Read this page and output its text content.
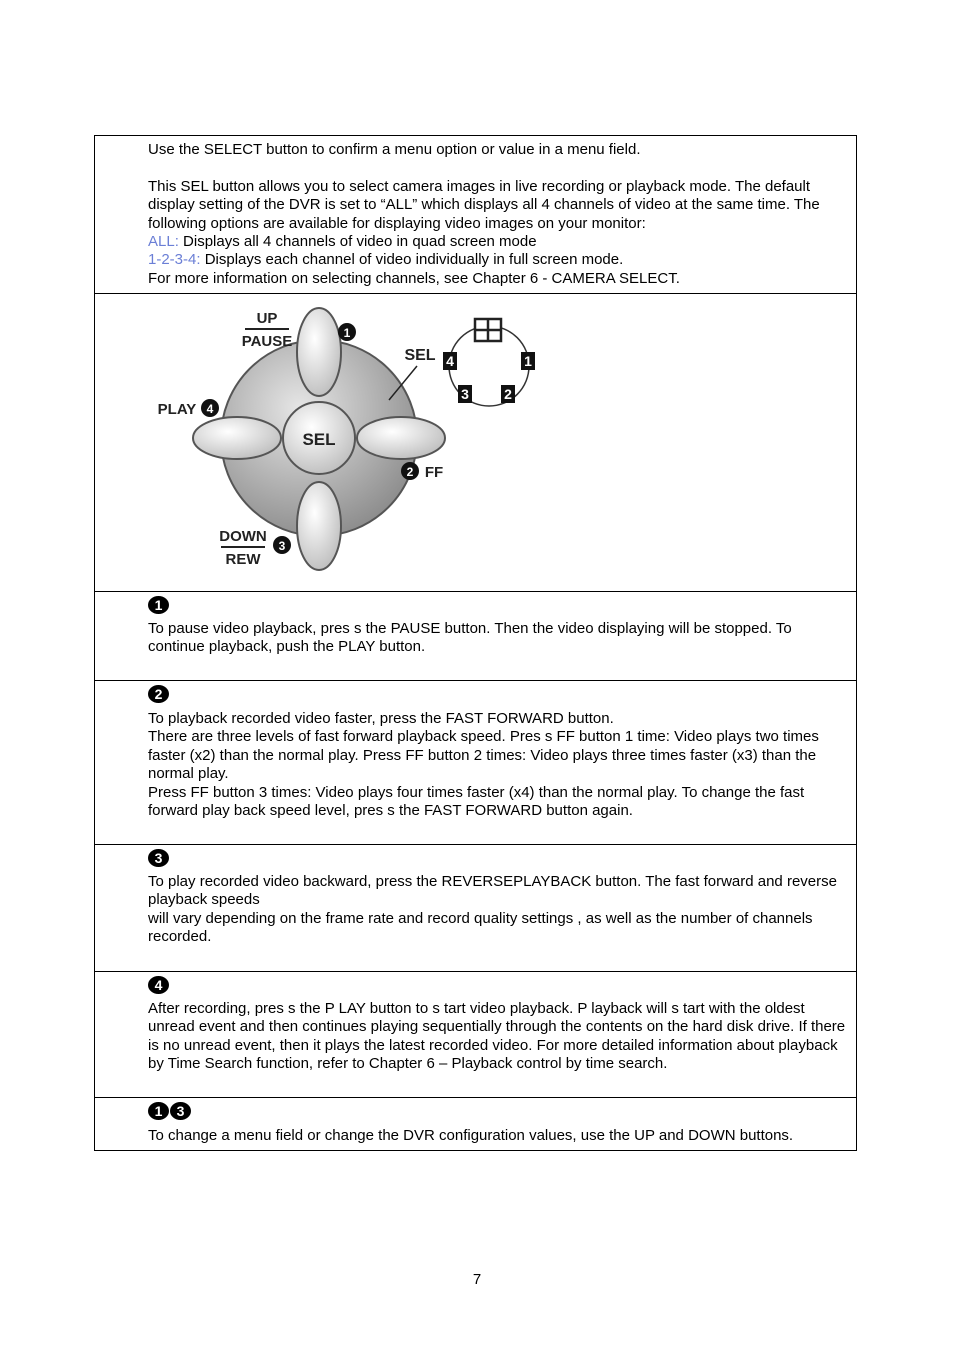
Use the SELECT button to confirm a menu option or value in a menu field.

This SEL button allows you to select camera images in live recording or playback mode. The default display setting of the DVR is set to “ALL” which displays all 4 channels of video at the same time. The following options are available for displaying video images on your monitor:

ALL: Displays all 4 channels of video in quad screen mode

1-2-3-4: Displays each channel of video individually in full screen mode.

For more information on selecting channels, see Chapter 6 - CAMERA SELECT.

SEL
UP
PAUSE	1
PLAY 4
2 FF
DOWN
REW
3
SEL	1
2
3
4
1

To pause video playback, pres s the PAUSE button. Then the video displaying will be stopped. To continue playback, push the PLAY button.

2

To playback recorded video faster, press the FAST FORWARD button.

There are three levels of fast forward playback speed. Pres s FF button 1 time: Video plays two times faster (x2) than the normal play. Press FF button 2 times: Video plays three times faster (x3) than the normal play.

Press FF button 3 times: Video plays four times faster (x4) than the normal play. To change the fast forward play back speed level, pres s the FAST FORWARD button again.

3

To play recorded video backward, press the REVERSEPLAYBACK button. The fast forward and reverse playback speeds

will vary depending on the frame rate and record quality settings , as well as the number of channels recorded.

4

After recording, pres s the P LAY button to s tart video playback. P layback will s tart with the oldest unread event and then continues playing sequentially through the contents on the hard disk drive. If there is no unread event, then it plays the latest recorded video. For more detailed information about playback by Time Search function, refer to Chapter 6 – Playback control by time search.

1	3

To change a menu field or change the DVR configuration values, use the UP and DOWN buttons.

7
